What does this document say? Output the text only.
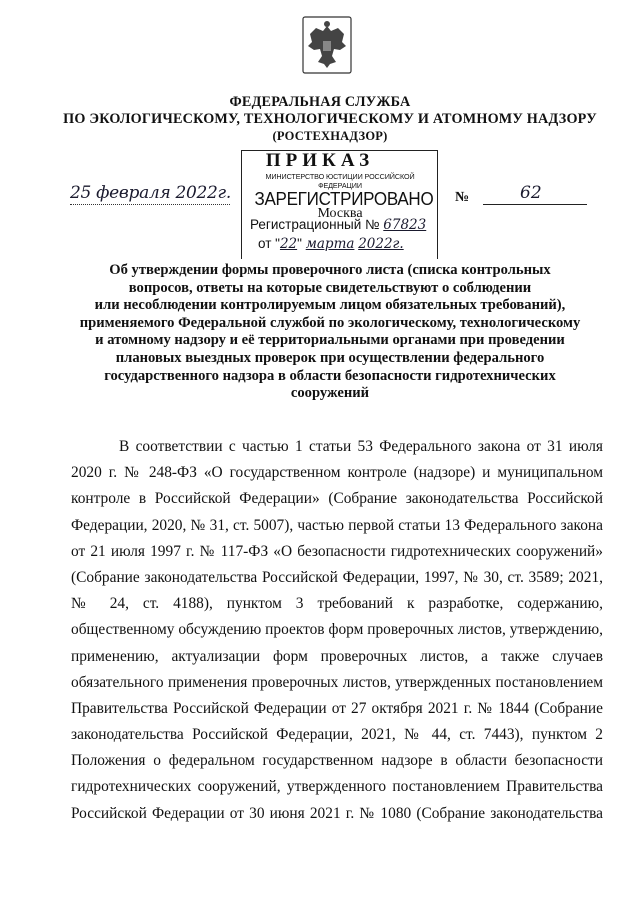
ФЕДЕРАЛЬНАЯ СЛУЖБА
ПО ЭКОЛОГИЧЕСКОМУ, ТЕХНОЛОГИЧЕСКОМУ И АТОМНОМУ НАДЗОРУ
(РОСТЕХНАДЗОР)
ПРИКАЗ
МИНИСТЕРСТВО ЮСТИЦИИ РОССИЙСКОЙ ФЕДЕРАЦИИ
ЗАРЕГИСТРИРОВАНО
Москва
Регистрационный № 67823
от "22" марта 2022г.
25 февраля 2022г.	№	62
Об утверждении формы проверочного листа (списка контрольных
вопросов, ответы на которые свидетельствуют о соблюдении
или несоблюдении контролируемым лицом обязательных требований),
применяемого Федеральной службой по экологическому, технологическому
и атомному надзору и её территориальными органами при проведении
плановых выездных проверок при осуществлении федерального
государственного надзора в области безопасности гидротехнических
сооружений
В соответствии с частью 1 статьи 53 Федерального закона от 31 июля
2020 г. № 248-ФЗ «О государственном контроле (надзоре) и муниципальном
контроле в Российской Федерации» (Собрание законодательства Российской
Федерации, 2020, № 31, ст. 5007), частью первой статьи 13 Федерального закона
от 21 июля 1997 г. № 117-ФЗ «О безопасности гидротехнических сооружений»
(Собрание законодательства Российской Федерации, 1997, № 30, ст. 3589; 2021,
№ 24, ст. 4188), пунктом 3 требований к разработке, содержанию,
общественному обсуждению проектов форм проверочных листов, утверждению,
применению, актуализации форм проверочных листов, а также случаев
обязательного применения проверочных листов, утвержденных постановлением
Правительства Российской Федерации от 27 октября 2021 г. № 1844 (Собрание
законодательства Российской Федерации, 2021, № 44, ст. 7443), пунктом 2
Положения о федеральном государственном надзоре в области безопасности
гидротехнических сооружений, утвержденного постановлением Правительства
Российской Федерации от 30 июня 2021 г. № 1080 (Собрание законодательства
